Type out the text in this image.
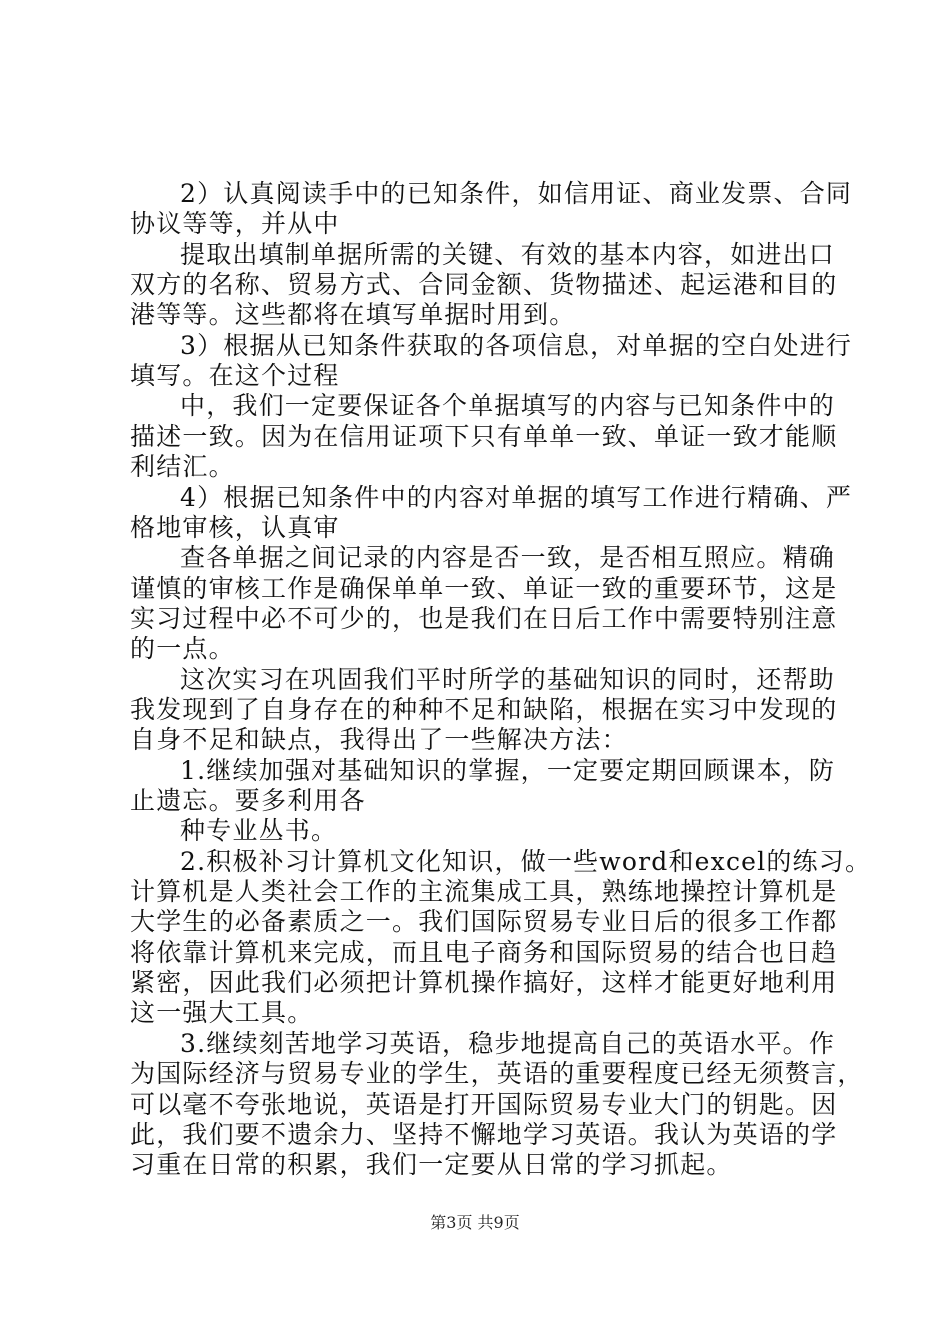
2）认真阅读手中的已知条件，如信用证、商业发票、合同
协议等等，并从中
提取出填制单据所需的关键、有效的基本内容，如进出口
双方的名称、贸易方式、合同金额、货物描述、起运港和目的
港等等。这些都将在填写单据时用到。
3）根据从已知条件获取的各项信息，对单据的空白处进行
填写。在这个过程
中，我们一定要保证各个单据填写的内容与已知条件中的
描述一致。因为在信用证项下只有单单一致、单证一致才能顺
利结汇。
4）根据已知条件中的内容对单据的填写工作进行精确、严
格地审核，认真审
查各单据之间记录的内容是否一致，是否相互照应。精确
谨慎的审核工作是确保单单一致、单证一致的重要环节，这是
实习过程中必不可少的，也是我们在日后工作中需要特别注意
的一点。
这次实习在巩固我们平时所学的基础知识的同时，还帮助
我发现到了自身存在的种种不足和缺陷，根据在实习中发现的
自身不足和缺点，我得出了一些解决方法：
1.继续加强对基础知识的掌握，一定要定期回顾课本，防
止遗忘。要多利用各
种专业丛书。
2.积极补习计算机文化知识，做一些word和excel的练习。
计算机是人类社会工作的主流集成工具，熟练地操控计算机是
大学生的必备素质之一。我们国际贸易专业日后的很多工作都
将依靠计算机来完成，而且电子商务和国际贸易的结合也日趋
紧密，因此我们必须把计算机操作搞好，这样才能更好地利用
这一强大工具。
3.继续刻苦地学习英语，稳步地提高自己的英语水平。作
为国际经济与贸易专业的学生，英语的重要程度已经无须赘言，
可以毫不夸张地说，英语是打开国际贸易专业大门的钥匙。因
此，我们要不遗余力、坚持不懈地学习英语。我认为英语的学
习重在日常的积累，我们一定要从日常的学习抓起。
第3页 共9页
